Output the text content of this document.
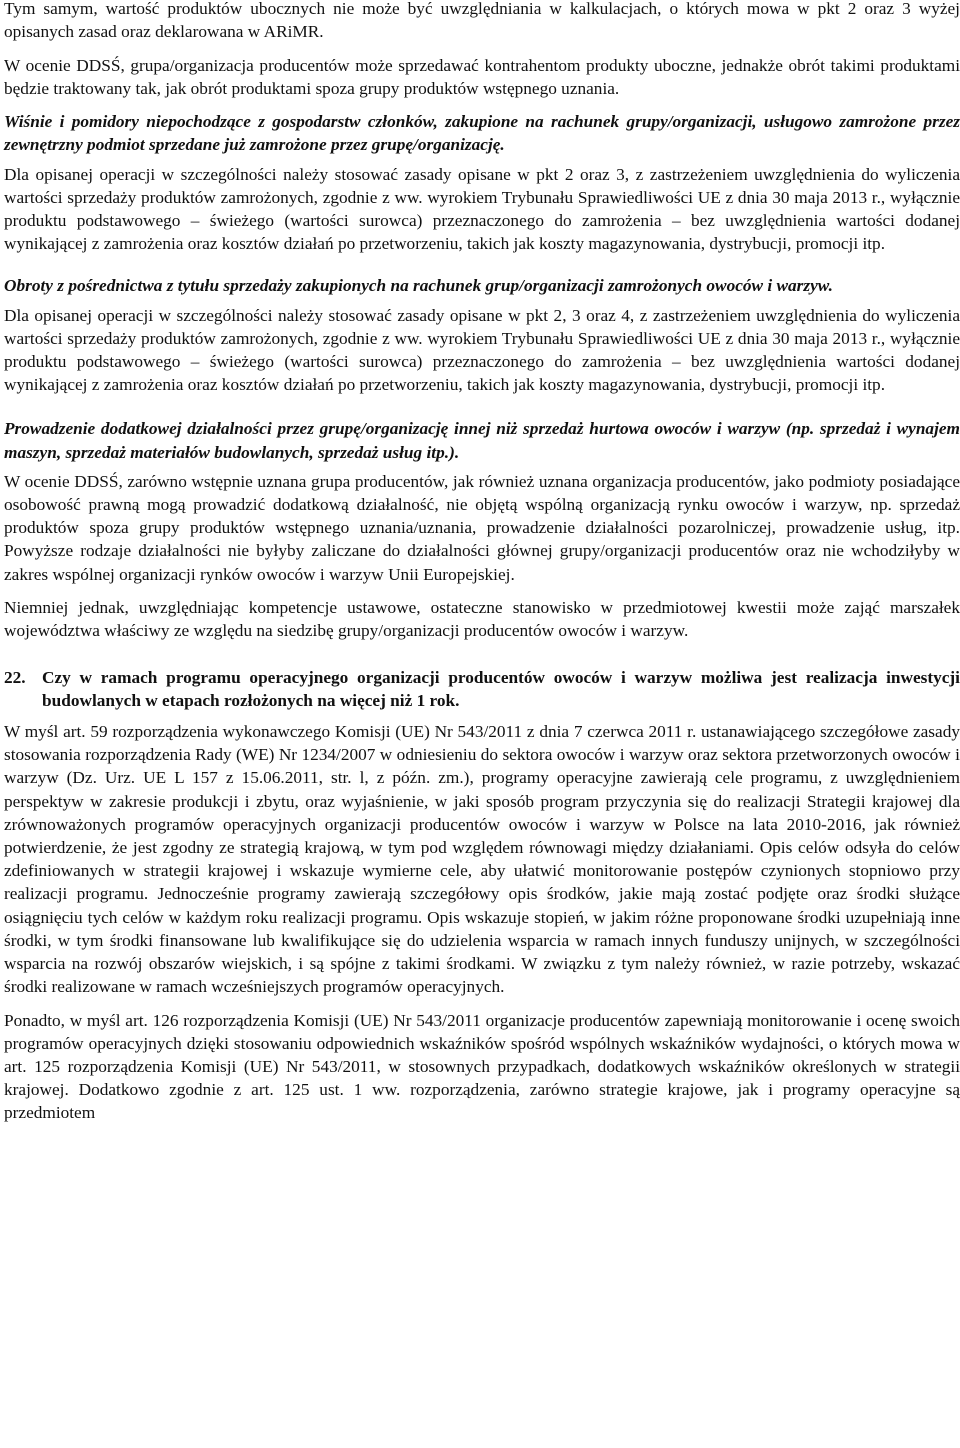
Tym samym, wartość produktów ubocznych nie może być uwzględniania w kalkulacjach, o których mowa w pkt 2 oraz 3 wyżej opisanych zasad oraz deklarowana w ARiMR.

W ocenie DDSŚ, grupa/organizacja producentów może sprzedawać kontrahentom produkty uboczne, jednakże obrót takimi produktami będzie traktowany tak, jak obrót produktami spoza grupy produktów wstępnego uznania.

Wiśnie i pomidory niepochodzące z gospodarstw członków, zakupione na rachunek grupy/organizacji, usługowo zamrożone przez zewnętrzny podmiot sprzedane już zamrożone przez grupę/organizację.

Dla opisanej operacji w szczególności należy stosować zasady opisane w pkt 2 oraz 3, z zastrzeżeniem uwzględnienia do wyliczenia wartości sprzedaży produktów zamrożonych, zgodnie z ww. wyrokiem Trybunału Sprawiedliwości UE z dnia 30 maja 2013 r., wyłącznie produktu podstawowego – świeżego (wartości surowca) przeznaczonego do zamrożenia – bez uwzględnienia wartości dodanej wynikającej z zamrożenia oraz kosztów działań po przetworzeniu, takich jak koszty magazynowania, dystrybucji, promocji itp.

Obroty z pośrednictwa z tytułu sprzedaży zakupionych na rachunek grup/organizacji zamrożonych owoców i warzyw.

Dla opisanej operacji w szczególności należy stosować zasady opisane w pkt 2, 3 oraz 4, z zastrzeżeniem uwzględnienia do wyliczenia wartości sprzedaży produktów zamrożonych, zgodnie z ww. wyrokiem Trybunału Sprawiedliwości UE z dnia 30 maja 2013 r., wyłącznie produktu podstawowego – świeżego (wartości surowca) przeznaczonego do zamrożenia – bez uwzględnienia wartości dodanej wynikającej z zamrożenia oraz kosztów działań po przetworzeniu, takich jak koszty magazynowania, dystrybucji, promocji itp.

Prowadzenie dodatkowej działalności przez grupę/organizację innej niż sprzedaż hurtowa owoców i warzyw (np. sprzedaż i wynajem maszyn, sprzedaż materiałów budowlanych, sprzedaż usług itp.).

W ocenie DDSŚ, zarówno wstępnie uznana grupa producentów, jak również uznana organizacja producentów, jako podmioty posiadające osobowość prawną mogą prowadzić dodatkową działalność, nie objętą wspólną organizacją rynku owoców i warzyw, np. sprzedaż produktów spoza grupy produktów wstępnego uznania/uznania, prowadzenie działalności pozarolniczej, prowadzenie usług, itp. Powyższe rodzaje działalności nie byłyby zaliczane do działalności głównej grupy/organizacji producentów oraz nie wchodziłyby w zakres wspólnej organizacji rynków owoców i warzyw Unii Europejskiej.

Niemniej jednak, uwzględniając kompetencje ustawowe, ostateczne stanowisko w przedmiotowej kwestii może zająć marszałek województwa właściwy ze względu na siedzibę grupy/organizacji producentów owoców i warzyw.

22. Czy w ramach programu operacyjnego organizacji producentów owoców i warzyw możliwa jest realizacja inwestycji budowlanych w etapach rozłożonych na więcej niż 1 rok.

W myśl art. 59 rozporządzenia wykonawczego Komisji (UE) Nr 543/2011 z dnia 7 czerwca 2011 r. ustanawiającego szczegółowe zasady stosowania rozporządzenia Rady (WE) Nr 1234/2007 w odniesieniu do sektora owoców i warzyw oraz sektora przetworzonych owoców i warzyw (Dz. Urz. UE L 157 z 15.06.2011, str. l, z późn. zm.), programy operacyjne zawierają cele programu, z uwzględnieniem perspektyw w zakresie produkcji i zbytu, oraz wyjaśnienie, w jaki sposób program przyczynia się do realizacji Strategii krajowej dla zrównoważonych programów operacyjnych organizacji producentów owoców i warzyw w Polsce na lata 2010-2016, jak również potwierdzenie, że jest zgodny ze strategią krajową, w tym pod względem równowagi między działaniami. Opis celów odsyła do celów zdefiniowanych w strategii krajowej i wskazuje wymierne cele, aby ułatwić monitorowanie postępów czynionych stopniowo przy realizacji programu. Jednocześnie programy zawierają szczegółowy opis środków, jakie mają zostać podjęte oraz środki służące osiągnięciu tych celów w każdym roku realizacji programu. Opis wskazuje stopień, w jakim różne proponowane środki uzupełniają inne środki, w tym środki finansowane lub kwalifikujące się do udzielenia wsparcia w ramach innych funduszy unijnych, w szczególności wsparcia na rozwój obszarów wiejskich, i są spójne z takimi środkami. W związku z tym należy również, w razie potrzeby, wskazać środki realizowane w ramach wcześniejszych programów operacyjnych.

Ponadto, w myśl art. 126 rozporządzenia Komisji (UE) Nr 543/2011 organizacje producentów zapewniają monitorowanie i ocenę swoich programów operacyjnych dzięki stosowaniu odpowiednich wskaźników spośród wspólnych wskaźników wydajności, o których mowa w art. 125 rozporządzenia Komisji (UE) Nr 543/2011, w stosownych przypadkach, dodatkowych wskaźników określonych w strategii krajowej. Dodatkowo zgodnie z art. 125 ust. 1 ww. rozporządzenia, zarówno strategie krajowe, jak i programy operacyjne są przedmiotem
